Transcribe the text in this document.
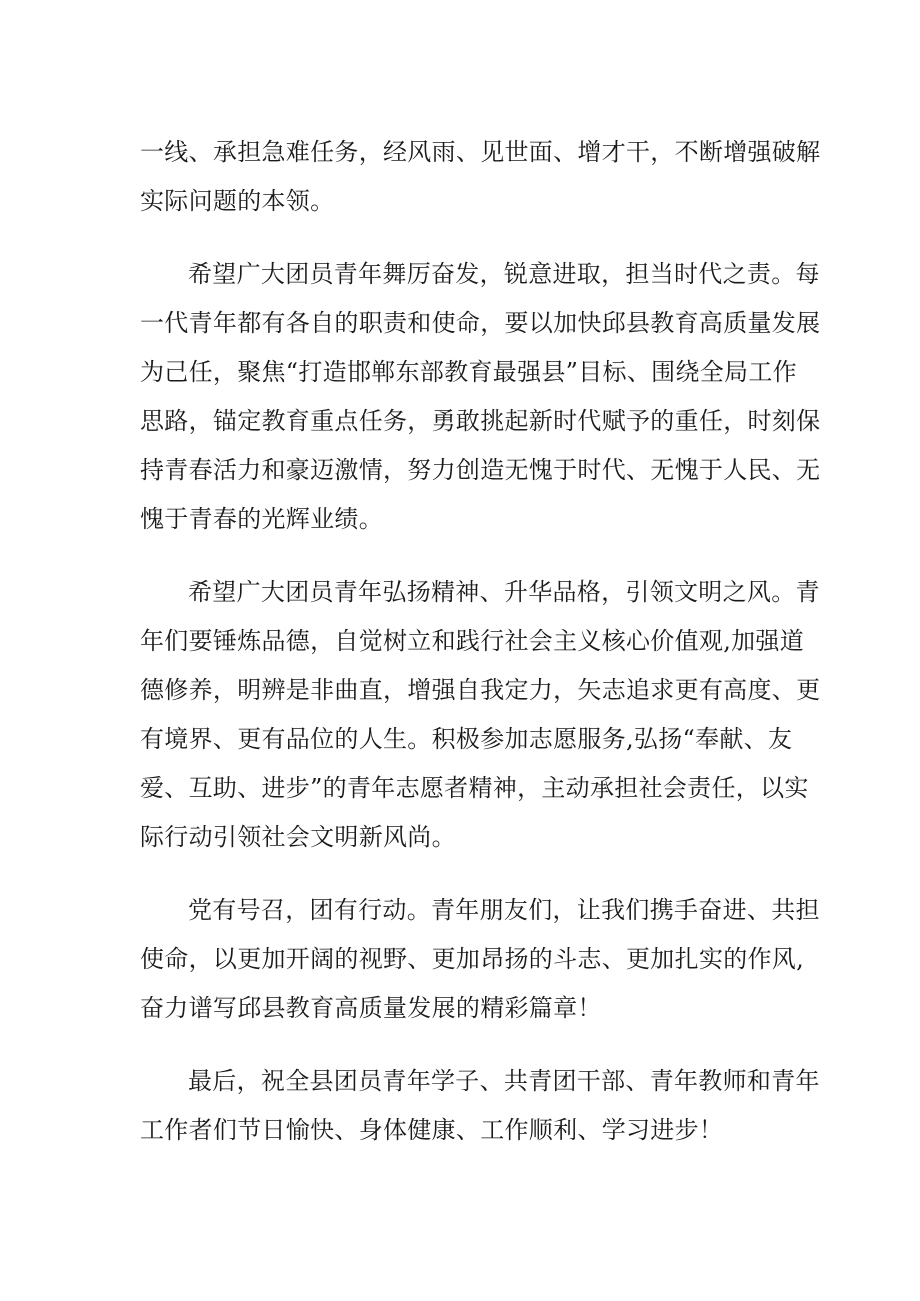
一线、承担急难任务，经风雨、见世面、增才干，不断增强破解
实际问题的本领。
希望广大团员青年舞厉奋发，锐意进取，担当时代之责。每
一代青年都有各自的职责和使命，要以加快邱县教育高质量发展
为己任，聚焦“打造邯郸东部教育最强县”目标、围绕全局工作
思路，锚定教育重点任务，勇敢挑起新时代赋予的重任，时刻保
持青春活力和豪迈激情，努力创造无愧于时代、无愧于人民、无
愧于青春的光辉业绩。
希望广大团员青年弘扬精神、升华品格，引领文明之风。青
年们要锤炼品德，自觉树立和践行社会主义核心价值观,加强道
德修养，明辨是非曲直，增强自我定力，矢志追求更有高度、更
有境界、更有品位的人生。积极参加志愿服务,弘扬“奉献、友
爱、互助、进步”的青年志愿者精神，主动承担社会责任，以实
际行动引领社会文明新风尚。
党有号召，团有行动。青年朋友们，让我们携手奋进、共担
使命，以更加开阔的视野、更加昂扬的斗志、更加扎实的作风,
奋力谱写邱县教育高质量发展的精彩篇章！
最后，祝全县团员青年学子、共青团干部、青年教师和青年
工作者们节日愉快、身体健康、工作顺利、学习进步！
